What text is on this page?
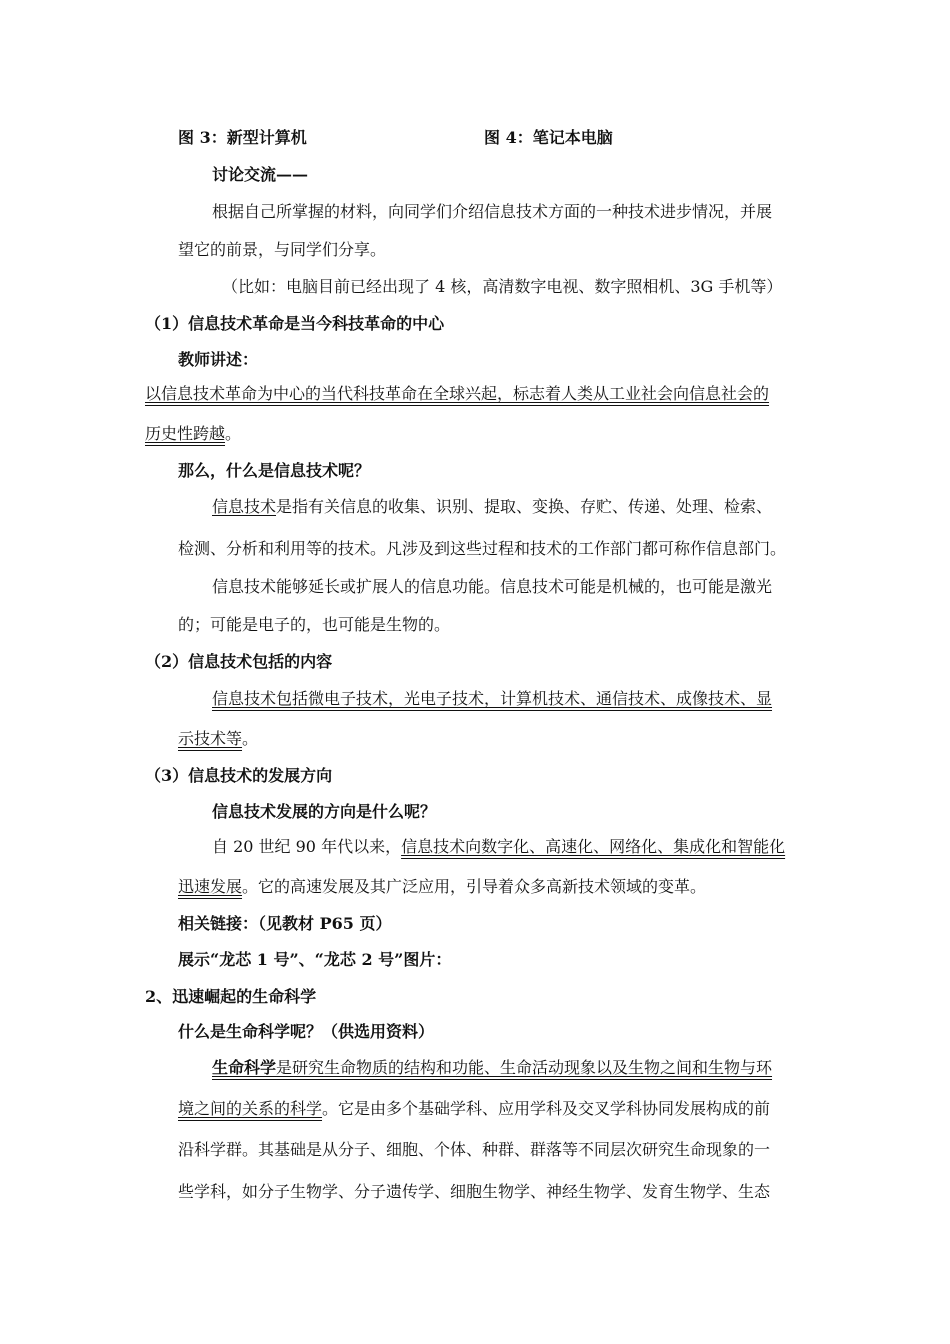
图 3：新型计算机	图 4：笔记本电脑
讨论交流——
根据自己所掌握的材料，向同学们介绍信息技术方面的一种技术进步情况，并展
望它的前景，与同学们分享。
（比如：电脑目前已经出现了 4 核，高清数字电视、数字照相机、3G 手机等）
（1）信息技术革命是当今科技革命的中心
教师讲述：
以信息技术革命为中心的当代科技革命在全球兴起，标志着人类从工业社会向信息社会的
历史性跨越。
那么，什么是信息技术呢？
信息技术是指有关信息的收集、识别、提取、变换、存贮、传递、处理、检索、
检测、分析和利用等的技术。凡涉及到这些过程和技术的工作部门都可称作信息部门。
信息技术能够延长或扩展人的信息功能。信息技术可能是机械的，也可能是激光
的；可能是电子的，也可能是生物的。
（2）信息技术包括的内容
信息技术包括微电子技术，光电子技术，计算机技术、通信技术、成像技术、显
示技术等。
（3）信息技术的发展方向
信息技术发展的方向是什么呢？
自 20 世纪 90 年代以来，信息技术向数字化、高速化、网络化、集成化和智能化
迅速发展。它的高速发展及其广泛应用，引导着众多高新技术领域的变革。
相关链接：（见教材 P65 页）
展示“龙芯 1 号”、“龙芯 2 号”图片：
2、迅速崛起的生命科学
什么是生命科学呢？（供选用资料）
生命科学是研究生命物质的结构和功能、生命活动现象以及生物之间和生物与环
境之间的关系的科学。它是由多个基础学科、应用学科及交叉学科协同发展构成的前
沿科学群。其基础是从分子、细胞、个体、种群、群落等不同层次研究生命现象的一
些学科，如分子生物学、分子遗传学、细胞生物学、神经生物学、发育生物学、生态
